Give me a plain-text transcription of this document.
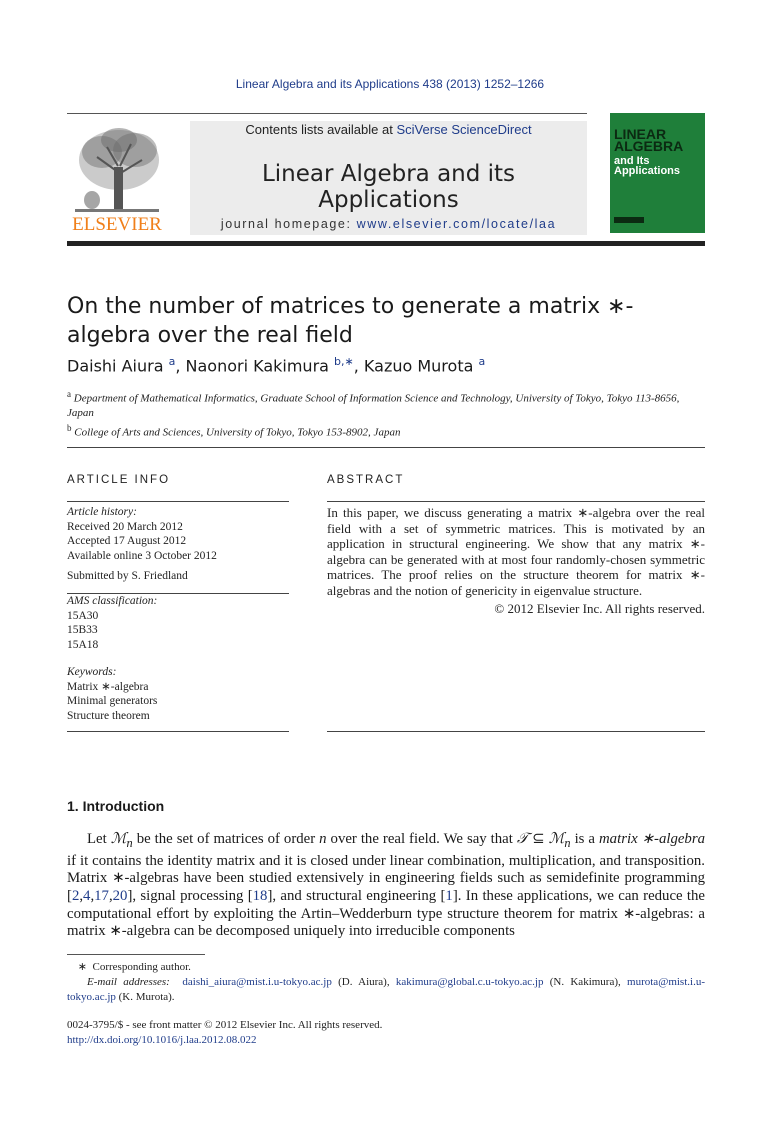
Linear Algebra and its Applications 438 (2013) 1252–1266
ELSEVIER
Contents lists available at SciVerse ScienceDirect
Linear Algebra and its Applications
journal homepage: www.elsevier.com/locate/laa
LINEAR
ALGEBRA
and Its
Applications
On the number of matrices to generate a matrix ∗-algebra over the real field
Daishi Aiura $^a$, Naonori Kakimura $^{b,∗}$, Kazuo Murota $^a$
$^a$ Department of Mathematical Informatics, Graduate School of Information Science and Technology, University of Tokyo, Tokyo 113-8656, Japan
$^b$ College of Arts and Sciences, University of Tokyo, Tokyo 153-8902, Japan
ARTICLE INFO
Article history:
Received 20 March 2012
Accepted 17 August 2012
Available online 3 October 2012
Submitted by S. Friedland
AMS classification:
15A30
15B33
15A18
Keywords:
Matrix ∗-algebra
Minimal generators
Structure theorem
ABSTRACT
In this paper, we discuss generating a matrix ∗-algebra over the real field with a set of symmetric matrices. This is motivated by an application in structural engineering. We show that any matrix ∗-algebra can be generated with at most four randomly-chosen symmetric matrices. The proof relies on the structure theorem for matrix ∗-algebras and the notion of genericity in eigenvalue structure.
© 2012 Elsevier Inc. All rights reserved.
1. Introduction
Let ℳ$_n$ be the set of matrices of order n over the real field. We say that 𝒯 ⊆ ℳ$_n$ is a matrix ∗-algebra if it contains the identity matrix and it is closed under linear combination, multiplication, and transposition. Matrix ∗-algebras have been studied extensively in engineering fields such as semidefinite programming [2,4,17,20], signal processing [18], and structural engineering [1]. In these applications, we can reduce the computational effort by exploiting the Artin–Wedderburn type structure theorem for matrix ∗-algebras: a matrix ∗-algebra can be decomposed uniquely into irreducible components
∗ Corresponding author.
E-mail addresses: daishi_aiura@mist.i.u-tokyo.ac.jp (D. Aiura), kakimura@global.c.u-tokyo.ac.jp (N. Kakimura), murota@mist.i.u-tokyo.ac.jp (K. Murota).
0024-3795/$ - see front matter © 2012 Elsevier Inc. All rights reserved.
http://dx.doi.org/10.1016/j.laa.2012.08.022
